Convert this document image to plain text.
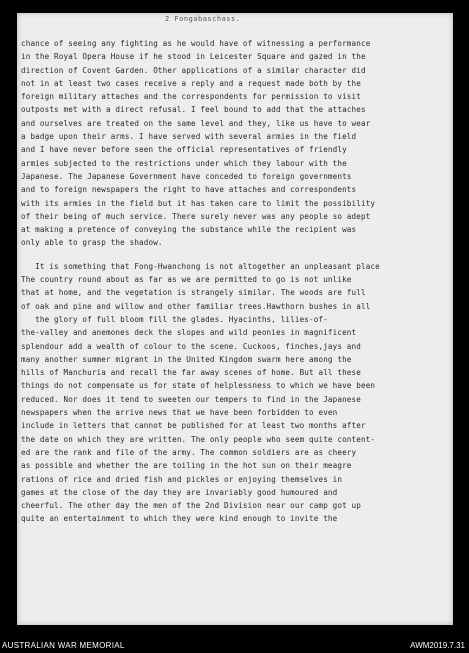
2 Fongabaschass.
chance of seeing any fighting as he would have of witnessing a performance
in the Royal Opera House if he stood in Leicester Square and gazed in the
direction of Covent Garden. Other applications of a similar character did
not in at least two cases receive a reply and a request made both by the
foreign military attaches and the correspondents for permission to visit
outposts met with a direct refusal. I feel bound to add that the attaches
and ourselves are treated on the same level and they, like us have to wear
a badge upon their arms. I have served with several armies in the field
and I have never before seen the official representatives of friendly
armies subjected to the restrictions under which they labour with the
Japanese. The Japanese Government have conceded to foreign governments
and to foreign newspapers the right to have attaches and correspondents
with its armies in the field but it has taken care to limit the possibility
of their being of much service. There surely never was any people so adept
at making a pretence of conveying the substance while the recipient was
only able to grasp the shadow.
It is something that Fong-Hwanchong is not altogether an unpleasant place
The country round about as far as we are permitted to go is not unlike
that at home, and the vegetation is strangely similar. The woods are full
of oak and pine and willow and other familiar trees.Hawthorn bushes in all
the glory of full bloom fill the glades. Hyacinths, lilies-of-
the-valley and anemones deck the slopes and wild peonies in magnificent
splendour add a wealth of colour to the scene. Cuckoos, finches,jays and
many another summer migrant in the United Kingdom swarm here among the
hills of Manchuria and recall the far away scenes of home. But all these
things do not compensate us for state of helplessness to which we have been
reduced. Nor does it tend to sweeten our tempers to find in the Japanese
newspapers when the arrive news that we have been forbidden to even
include in letters that cannot be published for at least two months after
the date on which they are written. The only people who seem quite content-
ed are the rank and file of the army. The common soldiers are as cheery
as possible and whether the are toiling in the hot sun on their meagre
rations of rice and dried fish and pickles or enjoying themselves in
games at the close of the day they are invariably good humoured and
cheerful. The other day the men of the 2nd Division near our camp got up
quite an entertainment to which they were kind enough to invite the
AUSTRALIAN WAR MEMORIAL	AWM2019.7.31
